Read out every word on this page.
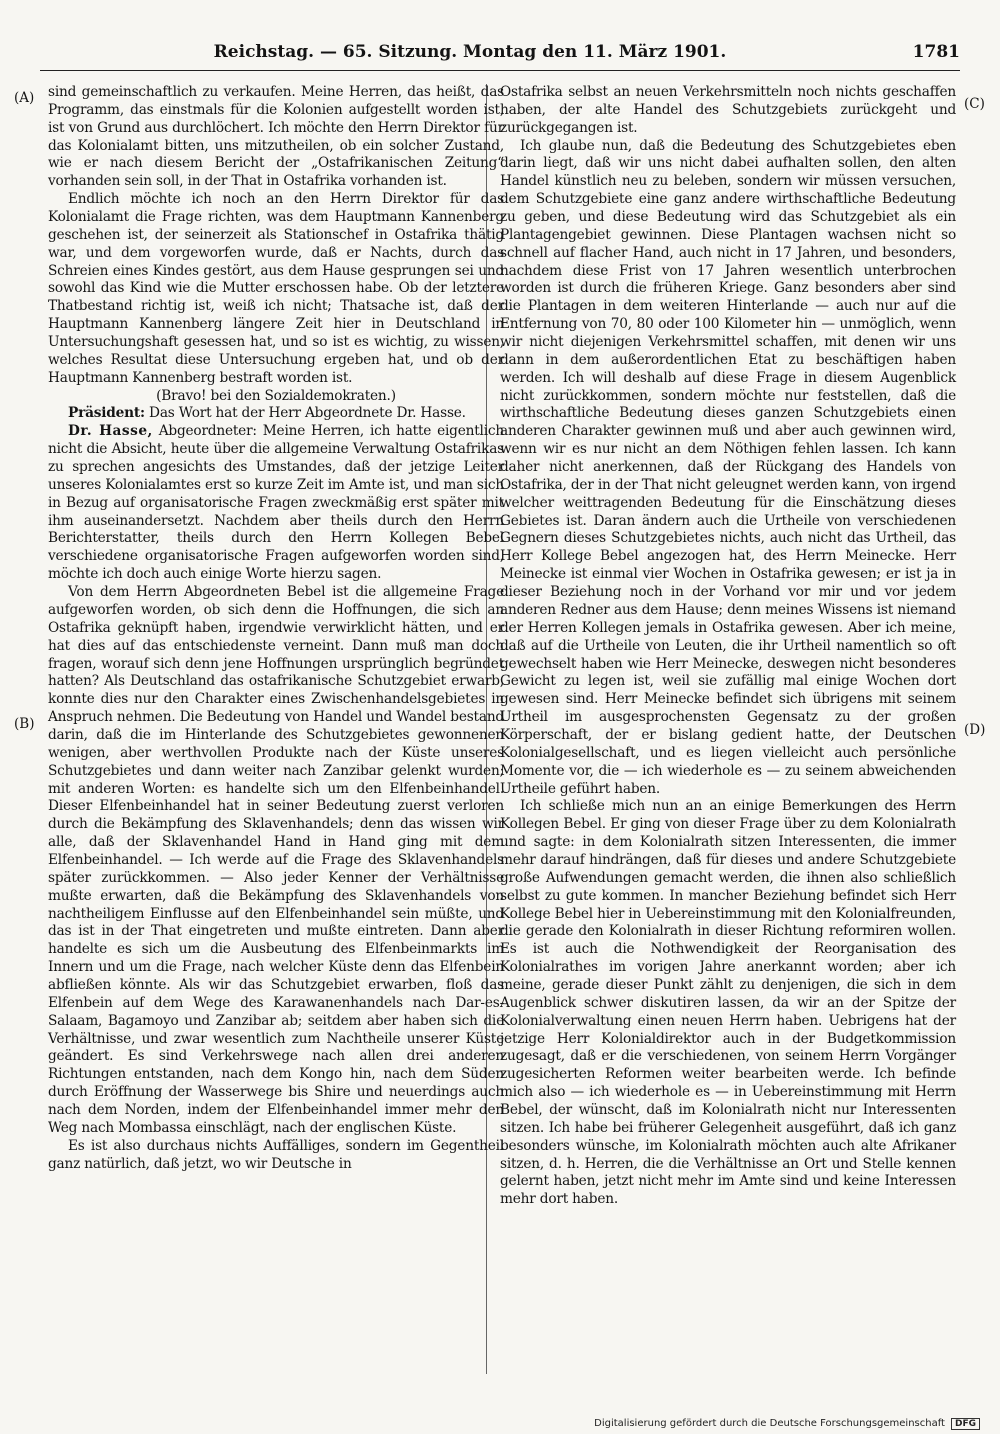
Reichstag. — 65. Sitzung. Montag den 11. März 1901.	1781
(A)
(B)
(C)
(D)

sind gemeinschaftlich zu verkaufen. Meine Herren, das heißt, das Programm, das einstmals für die Kolonien aufgestellt worden ist, ist von Grund aus durchlöchert. Ich möchte den Herrn Direktor für das Kolonialamt bitten, uns mitzutheilen, ob ein solcher Zustand, wie er nach diesem Bericht der „Ostafrikanischen Zeitung“ vorhanden sein soll, in der That in Ostafrika vorhanden ist.

Endlich möchte ich noch an den Herrn Direktor für das Kolonialamt die Frage richten, was dem Hauptmann Kannenberg geschehen ist, der seinerzeit als Stationschef in Ostafrika thätig war, und dem vorgeworfen wurde, daß er Nachts, durch das Schreien eines Kindes gestört, aus dem Hause gesprungen sei und sowohl das Kind wie die Mutter erschossen habe. Ob der letztere Thatbestand richtig ist, weiß ich nicht; Thatsache ist, daß der Hauptmann Kannenberg längere Zeit hier in Deutschland in Untersuchungshaft gesessen hat, und so ist es wichtig, zu wissen, welches Resultat diese Untersuchung ergeben hat, und ob der Hauptmann Kannenberg bestraft worden ist.

(Bravo! bei den Sozialdemokraten.)

Präsident: Das Wort hat der Herr Abgeordnete Dr. Hasse.

Dr. Hasse, Abgeordneter: Meine Herren, ich hatte eigentlich nicht die Absicht, heute über die allgemeine Verwaltung Ostafrikas zu sprechen angesichts des Umstandes, daß der jetzige Leiter unseres Kolonialamtes erst so kurze Zeit im Amte ist, und man sich in Bezug auf organisatorische Fragen zweckmäßig erst später mit ihm auseinandersetzt. Nachdem aber theils durch den Herrn Berichterstatter, theils durch den Herrn Kollegen Bebel verschiedene organisatorische Fragen aufgeworfen worden sind, möchte ich doch auch einige Worte hierzu sagen.

Von dem Herrn Abgeordneten Bebel ist die allgemeine Frage aufgeworfen worden, ob sich denn die Hoffnungen, die sich an Ostafrika geknüpft haben, irgendwie verwirklicht hätten, und er hat dies auf das entschiedenste verneint. Dann muß man doch fragen, worauf sich denn jene Hoffnungen ursprünglich begründet hatten? Als Deutschland das ostafrikanische Schutzgebiet erwarb, konnte dies nur den Charakter eines Zwischenhandelsgebietes in Anspruch nehmen. Die Bedeutung von Handel und Wandel bestand darin, daß die im Hinterlande des Schutzgebietes gewonnenen wenigen, aber werthvollen Produkte nach der Küste unseres Schutzgebietes und dann weiter nach Zanzibar gelenkt wurden; mit anderen Worten: es handelte sich um den Elfenbeinhandel. Dieser Elfenbeinhandel hat in seiner Bedeutung zuerst verloren durch die Bekämpfung des Sklavenhandels; denn das wissen wir alle, daß der Sklavenhandel Hand in Hand ging mit dem Elfenbeinhandel. — Ich werde auf die Frage des Sklavenhandels später zurückkommen. — Also jeder Kenner der Verhältnisse mußte erwarten, daß die Bekämpfung des Sklavenhandels von nachtheiligem Einflusse auf den Elfenbeinhandel sein müßte, und das ist in der That eingetreten und mußte eintreten. Dann aber handelte es sich um die Ausbeutung des Elfenbeinmarkts im Innern und um die Frage, nach welcher Küste denn das Elfenbein abfließen könnte. Als wir das Schutzgebiet erwarben, floß das Elfenbein auf dem Wege des Karawanenhandels nach Dar-es-Salaam, Bagamoyo und Zanzibar ab; seitdem aber haben sich die Verhältnisse, und zwar wesentlich zum Nachtheile unserer Küste geändert. Es sind Verkehrswege nach allen drei anderen Richtungen entstanden, nach dem Kongo hin, nach dem Süden durch Eröffnung der Wasserwege bis Shire und neuerdings auch nach dem Norden, indem der Elfenbeinhandel immer mehr den Weg nach Mombassa einschlägt, nach der englischen Küste.

Es ist also durchaus nichts Auffälliges, sondern im Gegentheil ganz natürlich, daß jetzt, wo wir Deutsche in

Ostafrika selbst an neuen Verkehrsmitteln noch nichts geschaffen haben, der alte Handel des Schutzgebiets zurückgeht und zurückgegangen ist.

Ich glaube nun, daß die Bedeutung des Schutzgebietes eben darin liegt, daß wir uns nicht dabei aufhalten sollen, den alten Handel künstlich neu zu beleben, sondern wir müssen versuchen, dem Schutzgebiete eine ganz andere wirthschaftliche Bedeutung zu geben, und diese Bedeutung wird das Schutzgebiet als ein Plantagengebiet gewinnen. Diese Plantagen wachsen nicht so schnell auf flacher Hand, auch nicht in 17 Jahren, und besonders, nachdem diese Frist von 17 Jahren wesentlich unterbrochen worden ist durch die früheren Kriege. Ganz besonders aber sind die Plantagen in dem weiteren Hinterlande — auch nur auf die Entfernung von 70, 80 oder 100 Kilometer hin — unmöglich, wenn wir nicht diejenigen Verkehrsmittel schaffen, mit denen wir uns dann in dem außerordentlichen Etat zu beschäftigen haben werden. Ich will deshalb auf diese Frage in diesem Augenblick nicht zurückkommen, sondern möchte nur feststellen, daß die wirthschaftliche Bedeutung dieses ganzen Schutzgebiets einen anderen Charakter gewinnen muß und aber auch gewinnen wird, wenn wir es nur nicht an dem Nöthigen fehlen lassen. Ich kann daher nicht anerkennen, daß der Rückgang des Handels von Ostafrika, der in der That nicht geleugnet werden kann, von irgend welcher weittragenden Bedeutung für die Einschätzung dieses Gebietes ist. Daran ändern auch die Urtheile von verschiedenen Gegnern dieses Schutzgebietes nichts, auch nicht das Urtheil, das Herr Kollege Bebel angezogen hat, des Herrn Meinecke. Herr Meinecke ist einmal vier Wochen in Ostafrika gewesen; er ist ja in dieser Beziehung noch in der Vorhand vor mir und vor jedem anderen Redner aus dem Hause; denn meines Wissens ist niemand der Herren Kollegen jemals in Ostafrika gewesen. Aber ich meine, daß auf die Urtheile von Leuten, die ihr Urtheil namentlich so oft gewechselt haben wie Herr Meinecke, deswegen nicht besonderes Gewicht zu legen ist, weil sie zufällig mal einige Wochen dort gewesen sind. Herr Meinecke befindet sich übrigens mit seinem Urtheil im ausgesprochensten Gegensatz zu der großen Körperschaft, der er bislang gedient hatte, der Deutschen Kolonialgesellschaft, und es liegen vielleicht auch persönliche Momente vor, die — ich wiederhole es — zu seinem abweichenden Urtheile geführt haben.

Ich schließe mich nun an an einige Bemerkungen des Herrn Kollegen Bebel. Er ging von dieser Frage über zu dem Kolonialrath und sagte: in dem Kolonialrath sitzen Interessenten, die immer mehr darauf hindrängen, daß für dieses und andere Schutzgebiete große Aufwendungen gemacht werden, die ihnen also schließlich selbst zu gute kommen. In mancher Beziehung befindet sich Herr Kollege Bebel hier in Uebereinstimmung mit den Kolonialfreunden, die gerade den Kolonialrath in dieser Richtung reformiren wollen. Es ist auch die Nothwendigkeit der Reorganisation des Kolonialrathes im vorigen Jahre anerkannt worden; aber ich meine, gerade dieser Punkt zählt zu denjenigen, die sich in dem Augenblick schwer diskutiren lassen, da wir an der Spitze der Kolonialverwaltung einen neuen Herrn haben. Uebrigens hat der jetzige Herr Kolonialdirektor auch in der Budgetkommission zugesagt, daß er die verschiedenen, von seinem Herrn Vorgänger zugesicherten Reformen weiter bearbeiten werde. Ich befinde mich also — ich wiederhole es — in Uebereinstimmung mit Herrn Bebel, der wünscht, daß im Kolonialrath nicht nur Interessenten sitzen. Ich habe bei früherer Gelegenheit ausgeführt, daß ich ganz besonders wünsche, im Kolonialrath möchten auch alte Afrikaner sitzen, d. h. Herren, die die Verhältnisse an Ort und Stelle kennen gelernt haben, jetzt nicht mehr im Amte sind und keine Interessen mehr dort haben.

Digitalisierung gefördert durch die Deutsche Forschungsgemeinschaft DFG
